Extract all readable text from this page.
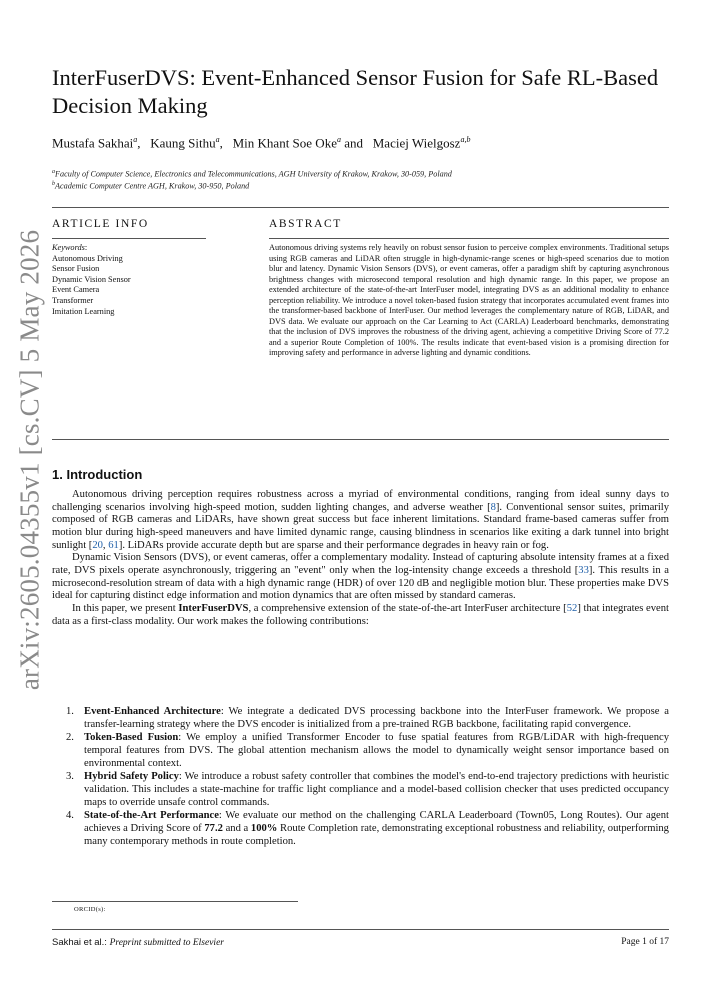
arXiv:2605.04355v1 [cs.CV] 5 May 2026
InterFuserDVS: Event-Enhanced Sensor Fusion for Safe RL-Based Decision Making
Mustafa Sakhai$^a$,   Kaung Sithu$^a$,   Min Khant Soe Oke$^a$ and   Maciej Wielgosz$^{a,b}$
$^a$Faculty of Computer Science, Electronics and Telecommunications, AGH University of Krakow, Krakow, 30-059, Poland
$^b$Academic Computer Centre AGH, Krakow, 30-950, Poland
ARTICLE INFO	ABSTRACT
Keywords:
Autonomous Driving
Sensor Fusion
Dynamic Vision Sensor
Event Camera
Transformer
Imitation Learning
Autonomous driving systems rely heavily on robust sensor fusion to perceive complex environments. Traditional setups using RGB cameras and LiDAR often struggle in high-dynamic-range scenes or high-speed scenarios due to motion blur and latency. Dynamic Vision Sensors (DVS), or event cameras, offer a paradigm shift by capturing asynchronous brightness changes with microsecond temporal resolution and high dynamic range. In this paper, we propose an extended architecture of the state-of-the-art InterFuser model, integrating DVS as an additional modality to enhance perception reliability. We introduce a novel token-based fusion strategy that incorporates accumulated event frames into the transformer-based backbone of InterFuser. Our method leverages the complementary nature of RGB, LiDAR, and DVS data. We evaluate our approach on the Car Learning to Act (CARLA) Leaderboard benchmarks, demonstrating that the inclusion of DVS improves the robustness of the driving agent, achieving a competitive Driving Score of 77.2 and a superior Route Completion of 100%. The results indicate that event-based vision is a promising direction for improving safety and performance in adverse lighting and dynamic conditions.
1. Introduction

Autonomous driving perception requires robustness across a myriad of environmental conditions, ranging from ideal sunny days to challenging scenarios involving high-speed motion, sudden lighting changes, and adverse weather [8]. Conventional sensor suites, primarily composed of RGB cameras and LiDARs, have shown great success but face inherent limitations. Standard frame-based cameras suffer from motion blur during high-speed maneuvers and have limited dynamic range, causing blindness in scenarios like exiting a dark tunnel into bright sunlight [20, 61]. LiDARs provide accurate depth but are sparse and their performance degrades in heavy rain or fog.

Dynamic Vision Sensors (DVS), or event cameras, offer a complementary modality. Instead of capturing absolute intensity frames at a fixed rate, DVS pixels operate asynchronously, triggering an "event" only when the log-intensity change exceeds a threshold [33]. This results in a microsecond-resolution stream of data with a high dynamic range (HDR) of over 120 dB and negligible motion blur. These properties make DVS ideal for capturing distinct edge information and motion dynamics that are often missed by standard cameras.

In this paper, we present InterFuserDVS, a comprehensive extension of the state-of-the-art InterFuser architecture [52] that integrates event data as a first-class modality. Our work makes the following contributions:

1. Event-Enhanced Architecture: We integrate a dedicated DVS processing backbone into the InterFuser framework. We propose a transfer-learning strategy where the DVS encoder is initialized from a pre-trained RGB backbone, facilitating rapid convergence.
2. Token-Based Fusion: We employ a unified Transformer Encoder to fuse spatial features from RGB/LiDAR with high-frequency temporal features from DVS. The global attention mechanism allows the model to dynamically weight sensor importance based on environmental context.
3. Hybrid Safety Policy: We introduce a robust safety controller that combines the model's end-to-end trajectory predictions with heuristic validation. This includes a state-machine for traffic light compliance and a model-based collision checker that uses predicted occupancy maps to override unsafe control commands.
4. State-of-the-Art Performance: We evaluate our method on the challenging CARLA Leaderboard (Town05, Long Routes). Our agent achieves a Driving Score of 77.2 and a 100% Route Completion rate, demonstrating exceptional robustness and reliability, outperforming many contemporary methods in route completion.
ORCID(s):
Sakhai et al.: Preprint submitted to Elsevier	Page 1 of 17
